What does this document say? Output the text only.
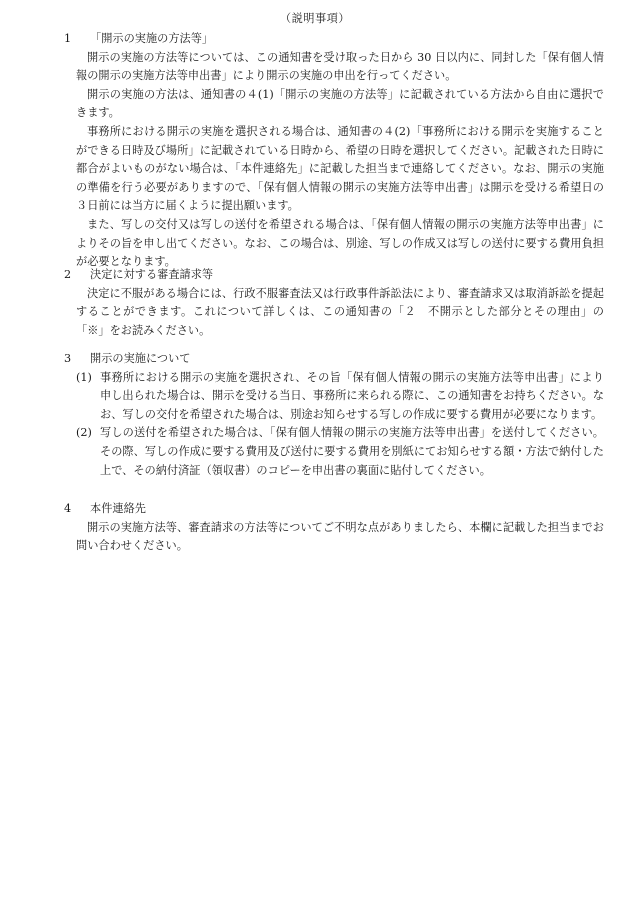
（説明事項）
1	「開示の実施の方法等」

開示の実施の方法等については、この通知書を受け取った日から 30 日以内に、同封した「保有個人情報の開示の実施方法等申出書」により開示の実施の申出を行ってください。

開示の実施の方法は、通知書の４(1)「開示の実施の方法等」に記載されている方法から自由に選択できます。

事務所における開示の実施を選択される場合は、通知書の４(2)「事務所における開示を実施することができる日時及び場所」に記載されている日時から、希望の日時を選択してください。記載された日時に都合がよいものがない場合は、「本件連絡先」に記載した担当まで連絡してください。なお、開示の実施の準備を行う必要がありますので、「保有個人情報の開示の実施方法等申出書」は開示を受ける希望日の３日前には当方に届くように提出願います。

また、写しの交付又は写しの送付を希望される場合は、「保有個人情報の開示の実施方法等申出書」によりその旨を申し出てください。なお、この場合は、別途、写しの作成又は写しの送付に要する費用負担が必要となります。

2	決定に対する審査請求等

決定に不服がある場合には、行政不服審査法又は行政事件訴訟法により、審査請求又は取消訴訟を提起することができます。これについて詳しくは、この通知書の「２　不開示とした部分とその理由」の「※」をお読みください。

3	開示の実施について
(1) 事務所における開示の実施を選択され、その旨「保有個人情報の開示の実施方法等申出書」により申し出られた場合は、開示を受ける当日、事務所に来られる際に、この通知書をお持ちください。なお、写しの交付を希望された場合は、別途お知らせする写しの作成に要する費用が必要になります。
(2) 写しの送付を希望された場合は、「保有個人情報の開示の実施方法等申出書」を送付してください。その際、写しの作成に要する費用及び送付に要する費用を別紙にてお知らせする額・方法で納付した上で、その納付済証（領収書）のコピーを申出書の裏面に貼付してください。
4	本件連絡先

開示の実施方法等、審査請求の方法等についてご不明な点がありましたら、本欄に記載した担当までお問い合わせください。
